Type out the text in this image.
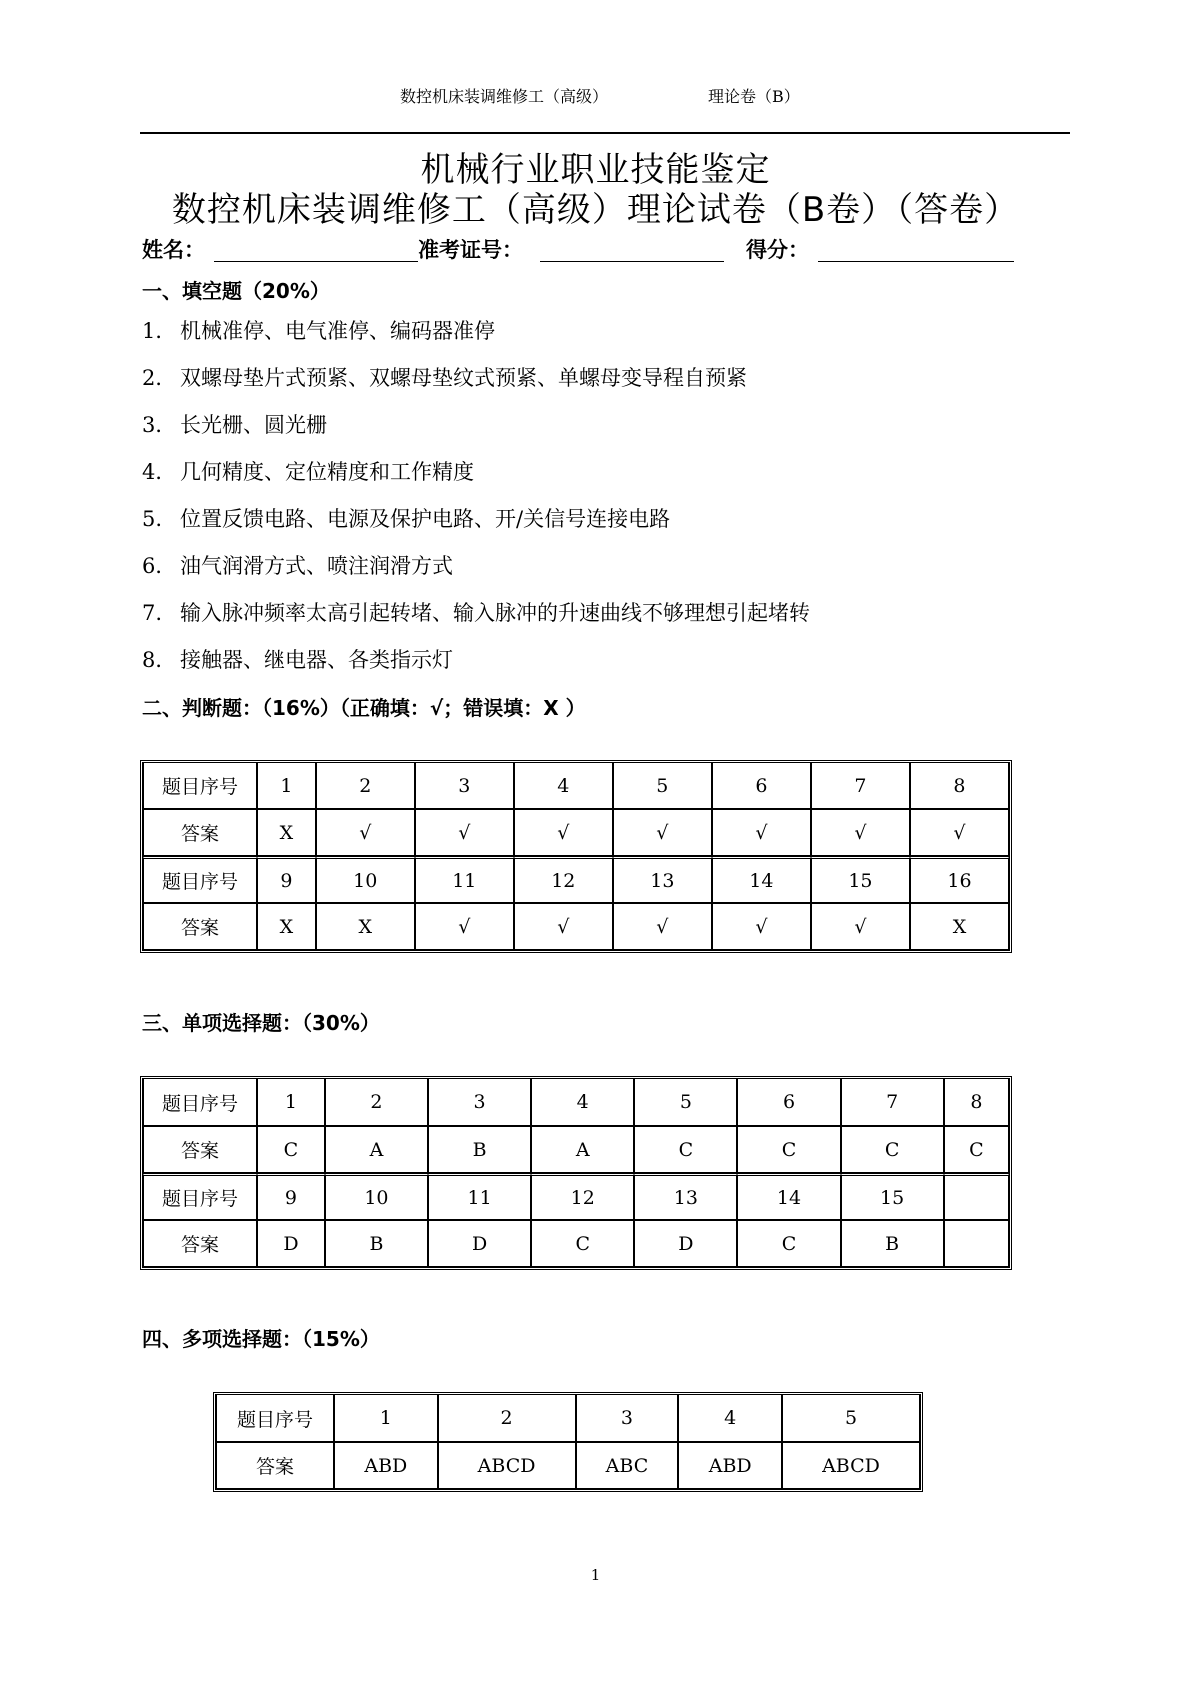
数控机床装调维修工（高级）	理论卷（B）
机械行业职业技能鉴定
数控机床装调维修工（高级）理论试卷（B卷）（答卷）
姓名：	准考证号：	得分：
一、填空题（20%）
1． 机械准停、电气准停、编码器准停
2． 双螺母垫片式预紧、双螺母垫纹式预紧、单螺母变导程自预紧
3． 长光栅、圆光栅
4． 几何精度、定位精度和工作精度
5.位置反馈电路、电源及保护电路、开/关信号连接电路
6． 油气润滑方式、喷注润滑方式
7.输入脉冲频率太高引起转堵、输入脉冲的升速曲线不够理想引起堵转
8． 接触器、继电器、各类指示灯
二、判断题：（16%）（正确填：√；错误填：X ）
题目序号	1	2	3	4	5	6	7	8
答案	X	√	√	√	√	√	√	√
题目序号	9	10	11	12	13	14	15	16
答案	X	X	√	√	√	√	√	X
三、单项选择题：（30%）
题目序号	1	2	3	4	5	6	7	8
答案	C	A	B	A	C	C	C	C
题目序号	9	10	11	12	13	14	15	
答案	D	B	D	C	D	C	B	
四、多项选择题：（15%）
题目序号	1	2	3	4	5
答案	ABD	ABCD	ABC	ABD	ABCD
1
